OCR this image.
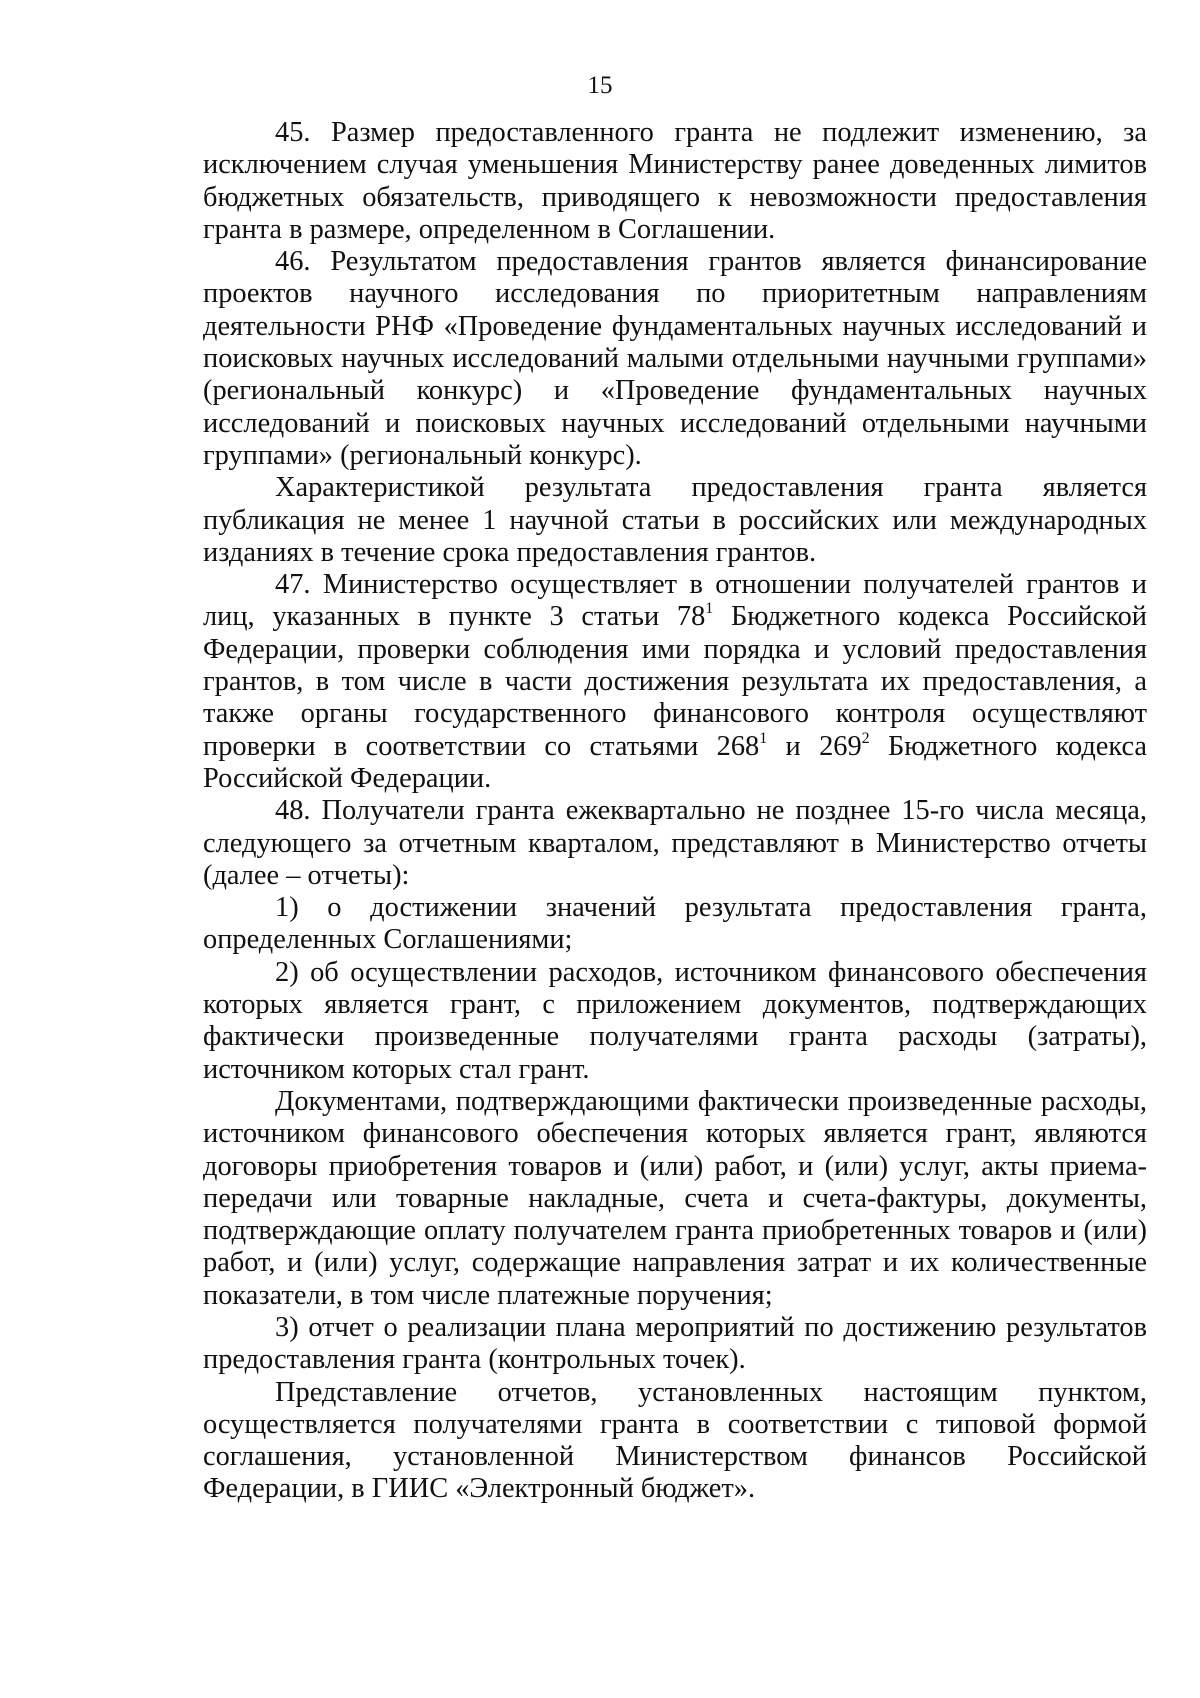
15

45. Размер предоставленного гранта не подлежит изменению, за исключением случая уменьшения Министерству ранее доведенных лимитов бюджетных обязательств, приводящего к невозможности предоставления гранта в размере, определенном в Соглашении.

46. Результатом предоставления грантов является финансирование проектов научного исследования по приоритетным направлениям деятельности РНФ «Проведение фундаментальных научных исследований и поисковых научных исследований малыми отдельными научными группами» (региональный конкурс) и «Проведение фундаментальных научных исследований и поисковых научных исследований отдельными научными группами» (региональный конкурс).

Характеристикой результата предоставления гранта является публикация не менее 1 научной статьи в российских или международных изданиях в течение срока предоставления грантов.

47. Министерство осуществляет в отношении получателей грантов и лиц, указанных в пункте 3 статьи $78^1$ Бюджетного кодекса Российской Федерации, проверки соблюдения ими порядка и условий предоставления грантов, в том числе в части достижения результата их предоставления, а также органы государственного финансового контроля осуществляют проверки в соответствии со статьями $268^1$ и $269^2$ Бюджетного кодекса Российской Федерации.

48. Получатели гранта ежеквартально не позднее 15-го числа месяца, следующего за отчетным кварталом, представляют в Министерство отчеты (далее – отчеты):

1) о достижении значений результата предоставления гранта, определенных Соглашениями;

2) об осуществлении расходов, источником финансового обеспечения которых является грант, с приложением документов, подтверждающих фактически произведенные получателями гранта расходы (затраты), источником которых стал грант.

Документами, подтверждающими фактически произведенные расходы, источником финансового обеспечения которых является грант, являются договоры приобретения товаров и (или) работ, и (или) услуг, акты приема-передачи или товарные накладные, счета и счета-фактуры, документы, подтверждающие оплату получателем гранта приобретенных товаров и (или) работ, и (или) услуг, содержащие направления затрат и их количественные показатели, в том числе платежные поручения;

3) отчет о реализации плана мероприятий по достижению результатов предоставления гранта (контрольных точек).

Представление отчетов, установленных настоящим пунктом, осуществляется получателями гранта в соответствии с типовой формой соглашения, установленной Министерством финансов Российской Федерации, в ГИИС «Электронный бюджет».
